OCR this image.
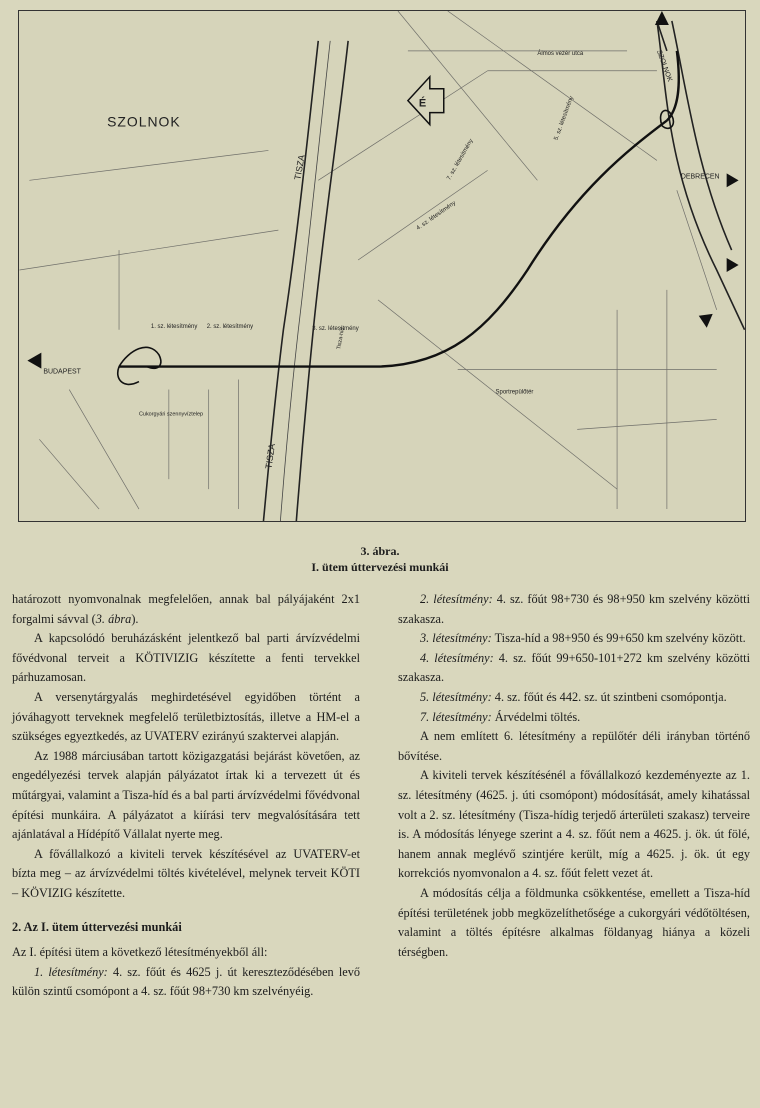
É
SZOLNOK
TISZA
TISZA
BUDAPEST
SZOLNOK
DEBRECEN
Álmos vezér utca
1. sz. létesítmény 2. sz. létesítmény	3. sz. létesítmény
4. sz. létesítmény
5. sz. létesítmény
7. sz. létesítmény
Sportrepülőtér
Cukorgyári szennyvíztelep
Tisza-híd
3. ábra.
I. ütem úttervezési munkái

határozott nyomvonalnak megfelelően, annak bal pályájaként 2x1 forgalmi sávval (3. ábra).

A kapcsolódó beruházásként jelentkező bal parti árvízvédelmi fővédvonal terveit a KÖTIVIZIG készítette a fenti tervekkel párhuzamosan.

A versenytárgyalás meghirdetésével egyidőben történt a jóváhagyott terveknek megfelelő területbiztosítás, illetve a HM-el a szükséges egyeztkedés, az UVATERV ezirányú szaktervei alapján.

Az 1988 márciusában tartott közigazgatási bejárást követően, az engedélyezési tervek alapján pályázatot írtak ki a tervezett út és műtárgyai, valamint a Tisza-híd és a bal parti árvízvédelmi fővédvonal építési munkáira. A pályázatot a kiírási terv megvalósítására tett ajánlatával a Hídépítő Vállalat nyerte meg.

A fővállalkozó a kiviteli tervek készítésével az UVATERV-et bízta meg – az árvízvédelmi töltés kivételével, melynek terveit KÖTI – KÖVIZIG készítette.

2. Az I. ütem úttervezési munkái

Az I. építési ütem a következő létesítményekből áll:

1. létesítmény: 4. sz. főút és 4625 j. út kereszteződésében levő külön szintű csomópont a 4. sz. főút 98+730 km szelvényéig.

2. létesítmény: 4. sz. főút 98+730 és 98+950 km szelvény közötti szakasza.

3. létesítmény: Tisza-híd a 98+950 és 99+650 km szelvény között.

4. létesítmény: 4. sz. főút 99+650-101+272 km szelvény közötti szakasza.

5. létesítmény: 4. sz. főút és 442. sz. út szintbeni csomópontja.

7. létesítmény: Árvédelmi töltés.

A nem említett 6. létesítmény a repülőtér déli irányban történő bővítése.

A kiviteli tervek készítésénél a fővállalkozó kezdeményezte az 1. sz. létesítmény (4625. j. úti csomópont) módosítását, amely kihatással volt a 2. sz. létesítmény (Tisza-hídig terjedő árterületi szakasz) terveire is. A módosítás lényege szerint a 4. sz. főút nem a 4625. j. ök. út fölé, hanem annak meglévő szintjére került, míg a 4625. j. ök. út egy korrekciós nyomvonalon a 4. sz. főút felett vezet át.

A módosítás célja a földmunka csökkentése, emellett a Tisza-híd építési területének jobb megközelíthetősége a cukorgyári védőtöltésen, valamint a töltés építésre alkalmas földanyag hiánya a közeli térségben.
